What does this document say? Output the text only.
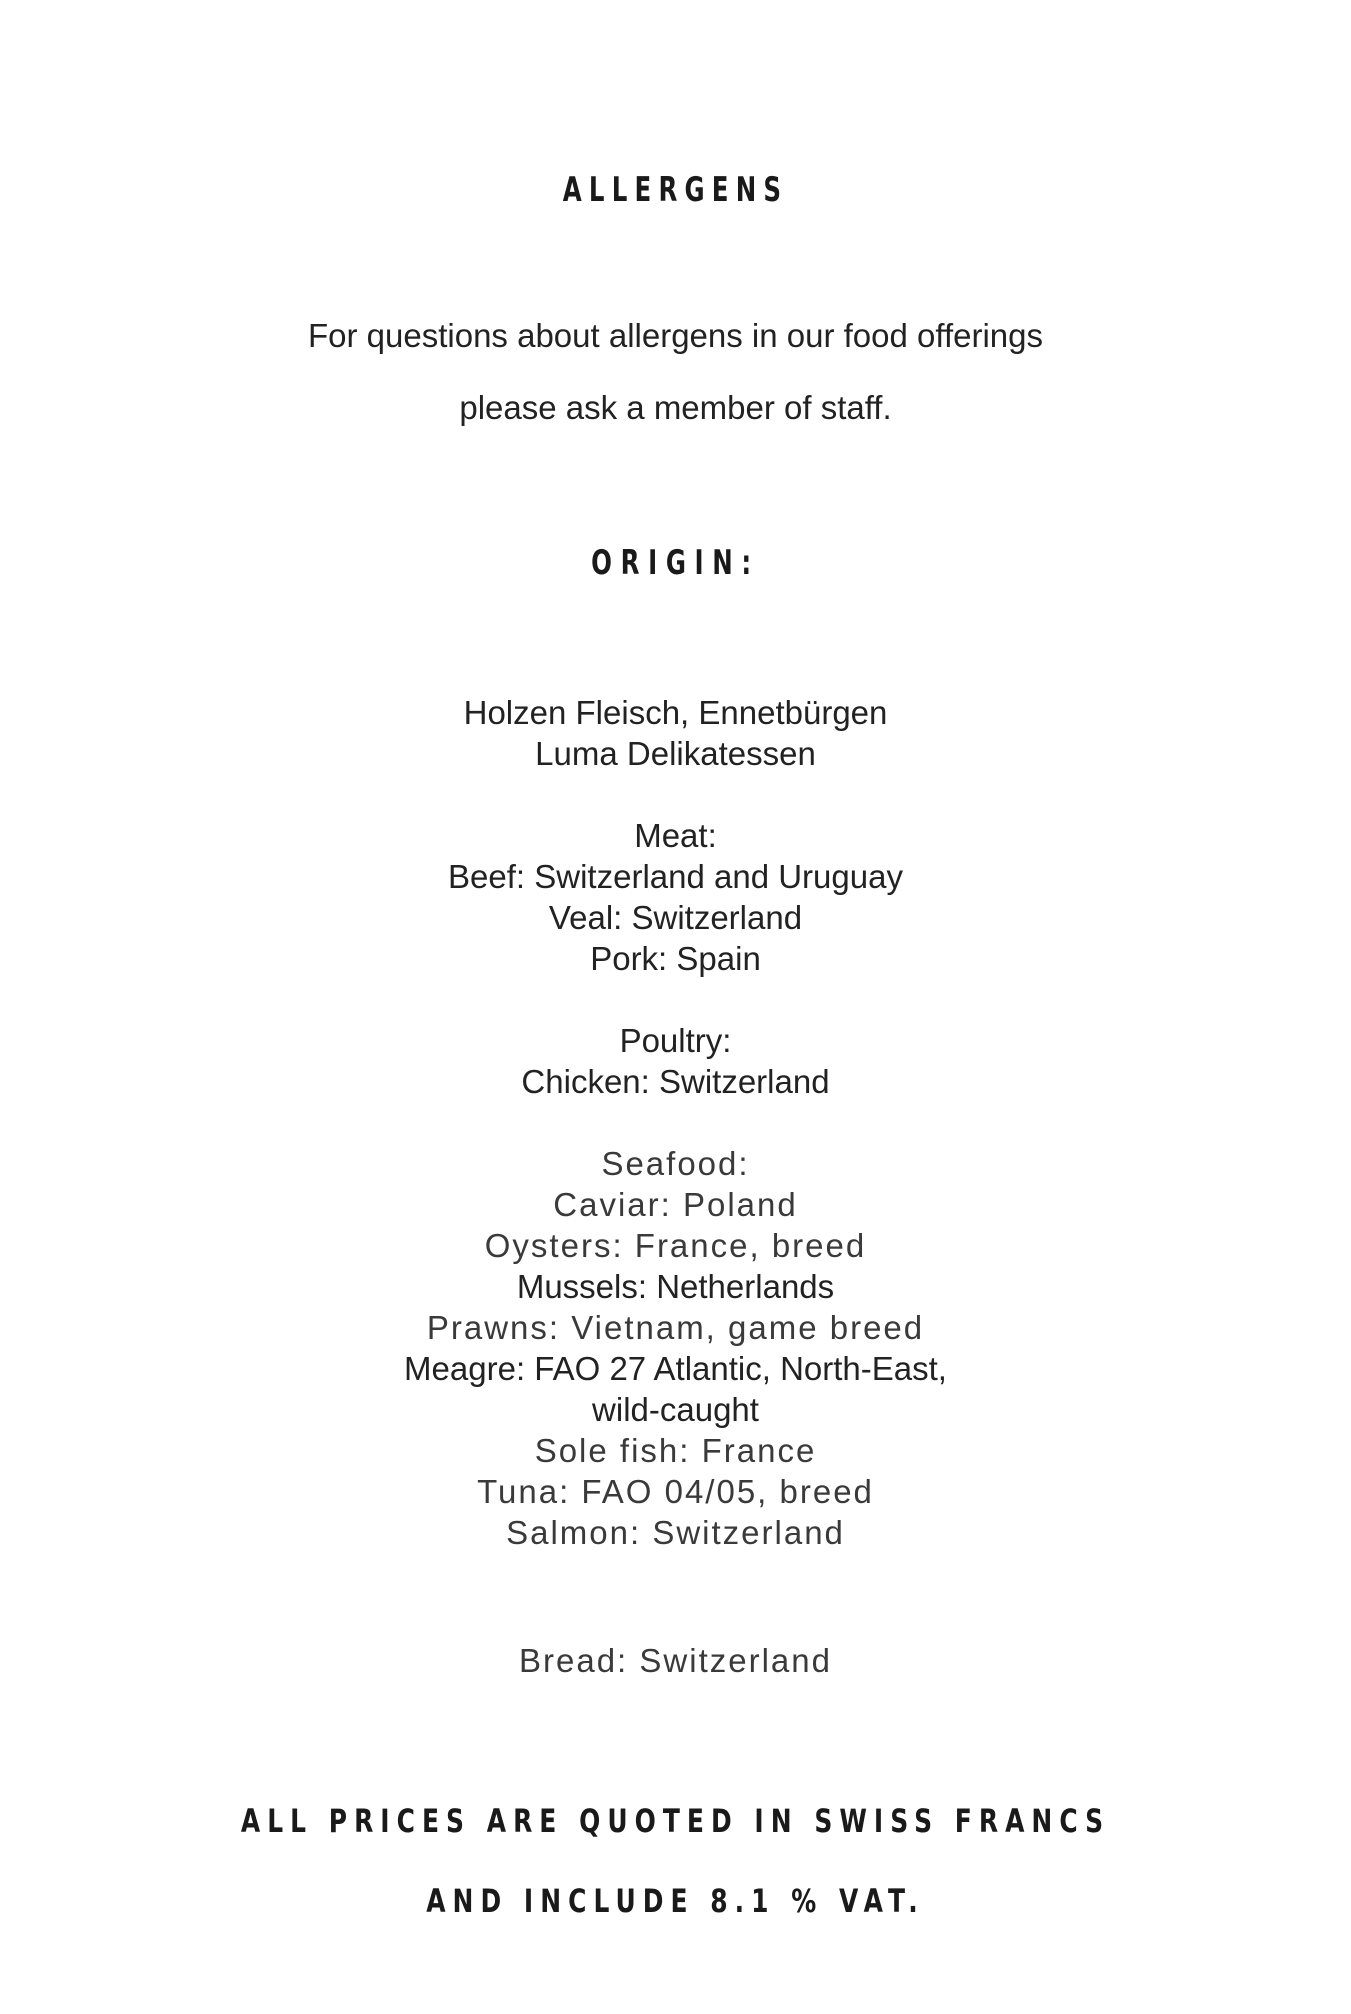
ALLERGENS
For questions about allergens in our food offerings
please ask a member of staff.
ORIGIN:
Holzen Fleisch, Ennetbürgen
Luma Delikatessen
Meat:
Beef: Switzerland and Uruguay
Veal: Switzerland
Pork: Spain
Poultry:
Chicken: Switzerland
Seafood:
Caviar: Poland
Oysters: France, breed
Mussels: Netherlands
Prawns: Vietnam, game breed
Meagre: FAO 27 Atlantic, North-East,
wild-caught
Sole fish: France
Tuna: FAO 04/05, breed
Salmon: Switzerland
Bread: Switzerland
ALL PRICES ARE QUOTED IN SWISS FRANCS
AND INCLUDE 8.1 % VAT.
